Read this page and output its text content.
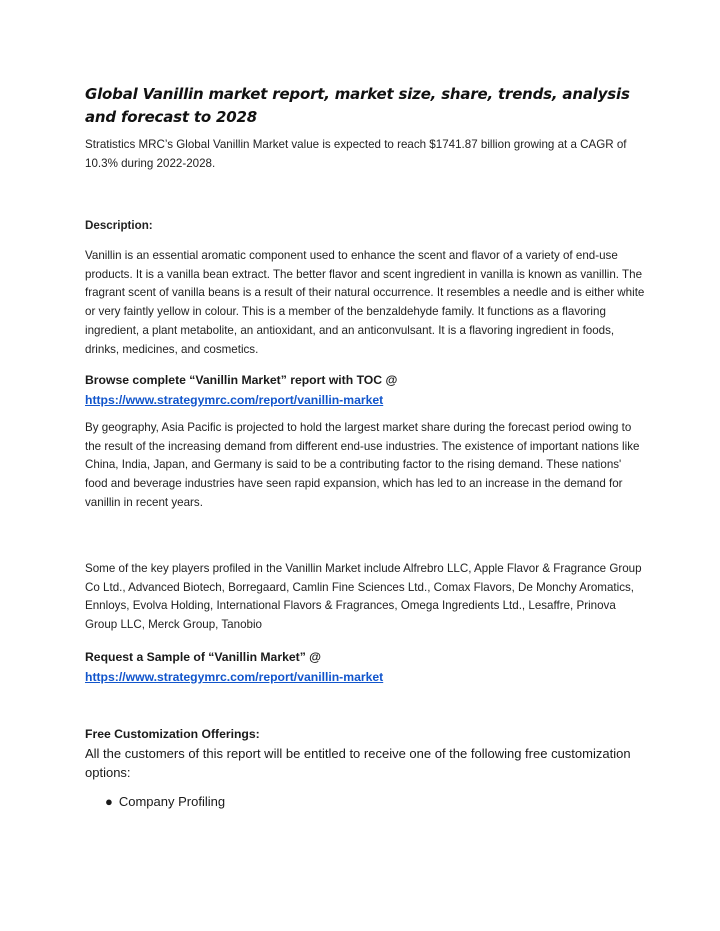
Global Vanillin market report, market size, share, trends, analysis and forecast to 2028

Stratistics MRC’s Global Vanillin Market value is expected to reach $1741.87 billion growing at a CAGR of 10.3% during 2022-2028.

Description:

Vanillin is an essential aromatic component used to enhance the scent and flavor of a variety of end-use products. It is a vanilla bean extract. The better flavor and scent ingredient in vanilla is known as vanillin. The fragrant scent of vanilla beans is a result of their natural occurrence. It resembles a needle and is either white or very faintly yellow in colour. This is a member of the benzaldehyde family. It functions as a flavoring ingredient, a plant metabolite, an antioxidant, and an anticonvulsant. It is a flavoring ingredient in foods, drinks, medicines, and cosmetics.

Browse complete “Vanillin Market” report with TOC @
https://www.strategymrc.com/report/vanillin-market

By geography, Asia Pacific is projected to hold the largest market share during the forecast period owing to the result of the increasing demand from different end-use industries. The existence of important nations like China, India, Japan, and Germany is said to be a contributing factor to the rising demand. These nations' food and beverage industries have seen rapid expansion, which has led to an increase in the demand for vanillin in recent years.

Some of the key players profiled in the Vanillin Market include Alfrebro LLC, Apple Flavor & Fragrance Group Co Ltd., Advanced Biotech, Borregaard, Camlin Fine Sciences Ltd., Comax Flavors, De Monchy Aromatics, Ennloys, Evolva Holding, International Flavors & Fragrances, Omega Ingredients Ltd., Lesaffre, Prinova Group LLC, Merck Group, Tanobio

Request a Sample of “Vanillin Market” @
https://www.strategymrc.com/report/vanillin-market
Free Customization Offerings:

All the customers of this report will be entitled to receive one of the following free customization options:

● Company Profiling
